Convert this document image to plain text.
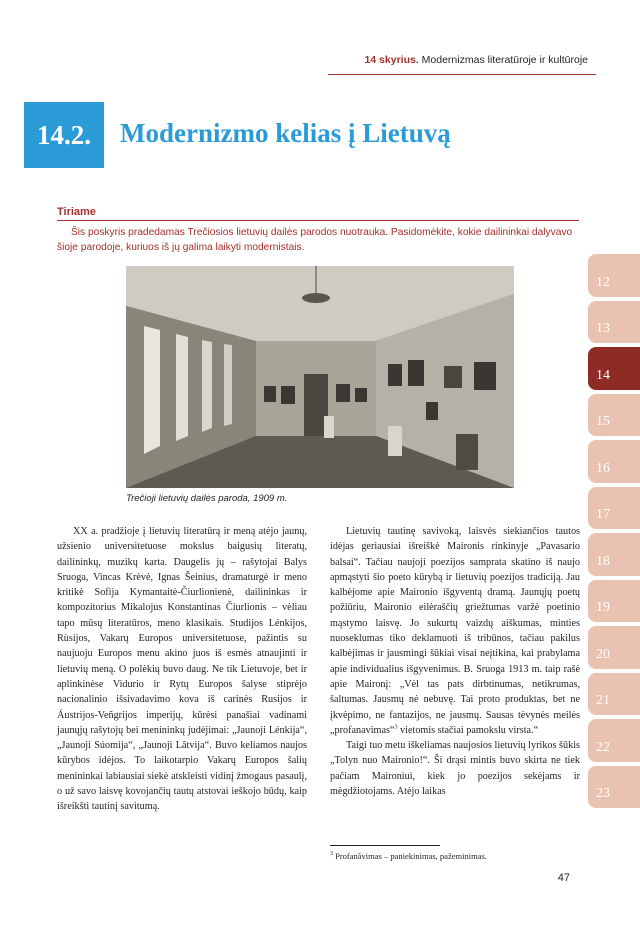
14 skyrius. Modernizmas literatūroje ir kultūroje
14.2. Modernizmo kelias į Lietuvą
Tiriame

Šis poskyris pradedamas Trečiosios lietuvių dailės parodos nuotrauka. Pasidomėkite, kokie dailininkai dalyvavo šioje parodoje, kuriuos iš jų galima laikyti modernistais.

Trečioji lietuvių dailės paroda, 1909 m.

XX a. pradžioje į lietuvių literatūrą ir meną atėjo jaunų, užsienio universitetuose mokslus baigusių literatų, dailininkų, muzikų karta. Daugelis jų – rašytojai Balys Sruoga, Vincas Krėvė, Ignas Šeinius, dramaturgė ir meno kritikė Sofija Kymantaitė-Čiurlionienė, dailininkas ir kompozitorius Mikalojus Konstantinas Čiurlionis – vėliau tapo mūsų literatūros, meno klasikais. Studijos Lénkijos, Rùsijos, Vakarų Europos universitetuose, pažintis su naujuoju Europos menu akino juos iš esmės atnaujinti ir lietuvių meną. O polėkių buvo daug. Ne tik Lietuvoje, bet ir aplinkinėse Vidurio ir Rytų Europos šalyse stiprėjo nacionalinio išsivadavimo kova iš carinės Rusijos ir Áustrijos-Veñgrijos imperijų, kūrėsi panašiai vadinami jaunųjų rašytojų bei menininkų judėjimai: „Jaunoji Lénkija“, „Jaunoji Súomija“, „Jaunoji Lãtvija“. Buvo keliamos naujos kūrybos idėjos. To laikotarpio Vakarų Europos šalių menininkai labiausiai siekė atskleisti vidinį žmogaus pasaulį, o už savo laisvę kovojančių tautų atstovai ieškojo būdų, kaip išreikšti tautinį savitumą.

Lietuvių tautinę savivoką, laisvės siekiančios tautos idėjas geriausiai išreiškė Maironis rinkinyje „Pavasario balsai“. Tačiau naujoji poezijos samprata skatino iš naujo apmąstyti šio poeto kūrybą ir lietuvių poezijos tradiciją. Jau kalbėjome apie Maironio išgyventą dramą. Jaunųjų poetų požiūriu, Maironio eilėraščių griežtumas varžė poetinio mąstymo laisvę. Jo sukurtų vaizdų aiškumas, minties nuoseklumas tiko deklamuoti iš tribūnos, tačiau pakilus kalbėjimas ir jausmingi šūkiai visai neįtikina, kai prabylama apie individualius išgyvenimus. B. Sruoga 1913 m. taip rašė apie Maironį: „Vėl tas pats dirbtinumas, netikrumas, šaltumas. Jausmų nė nebuvę. Tai proto produktas, bet ne įkvėpimo, ne fantazijos, ne jausmų. Sausas tėvynės meilės „profanavimas“$^3$ vietomis stačiai pamokslu virsta.“

Taigi tuo metu iškeliamas naujosios lietuvių lyrikos šūkis „Tolyn nuo Maironio!“. Ši drąsi mintis buvo skirta ne tiek pačiam Maironiui, kiek jo poezijos sekėjams ir mėgdžiotojams. Atėjo laikas

$^3$ Profanãvimas – paniekinimas, pažeminimas.
47
12
13
14
15
16
17
18
19
20
21
22
23
